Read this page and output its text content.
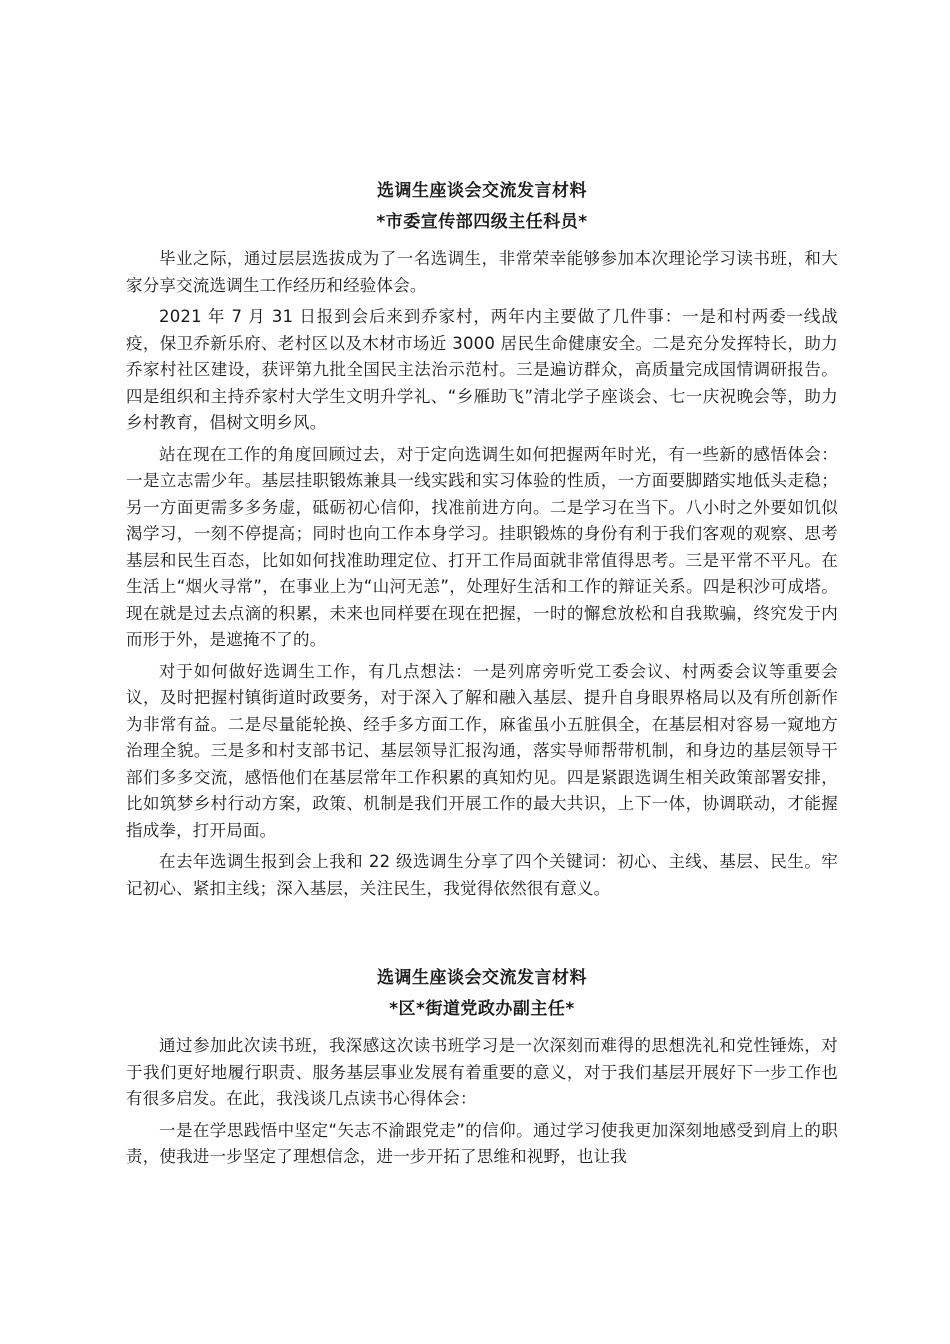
选调生座谈会交流发言材料
*市委宣传部四级主任科员*

毕业之际，通过层层选拔成为了一名选调生，非常荣幸能够参加本次理论学习读书班，和大家分享交流选调生工作经历和经验体会。

2021 年 7 月 31 日报到会后来到乔家村，两年内主要做了几件事：一是和村两委一线战疫，保卫乔新乐府、老村区以及木材市场近 3000 居民生命健康安全。二是充分发挥特长，助力乔家村社区建设，获评第九批全国民主法治示范村。三是遍访群众，高质量完成国情调研报告。四是组织和主持乔家村大学生文明升学礼、“乡雁助飞”清北学子座谈会、七一庆祝晚会等，助力乡村教育，倡树文明乡风。

站在现在工作的角度回顾过去，对于定向选调生如何把握两年时光，有一些新的感悟体会：一是立志需少年。基层挂职锻炼兼具一线实践和实习体验的性质，一方面要脚踏实地低头走稳；另一方面更需多多务虚，砥砺初心信仰，找准前进方向。二是学习在当下。八小时之外要如饥似渴学习，一刻不停提高；同时也向工作本身学习。挂职锻炼的身份有利于我们客观的观察、思考基层和民生百态，比如如何找准助理定位、打开工作局面就非常值得思考。三是平常不平凡。在生活上“烟火寻常”，在事业上为“山河无恙”，处理好生活和工作的辩证关系。四是积沙可成塔。现在就是过去点滴的积累，未来也同样要在现在把握，一时的懈怠放松和自我欺骗，终究发于内而形于外，是遮掩不了的。

对于如何做好选调生工作，有几点想法：一是列席旁听党工委会议、村两委会议等重要会议，及时把握村镇街道时政要务，对于深入了解和融入基层、提升自身眼界格局以及有所创新作为非常有益。二是尽量能轮换、经手多方面工作，麻雀虽小五脏俱全，在基层相对容易一窥地方治理全貌。三是多和村支部书记、基层领导汇报沟通，落实导师帮带机制，和身边的基层领导干部们多多交流，感悟他们在基层常年工作积累的真知灼见。四是紧跟选调生相关政策部署安排，比如筑梦乡村行动方案，政策、机制是我们开展工作的最大共识，上下一体，协调联动，才能握指成拳，打开局面。

在去年选调生报到会上我和 22 级选调生分享了四个关键词：初心、主线、基层、民生。牢记初心、紧扣主线；深入基层，关注民生，我觉得依然很有意义。

选调生座谈会交流发言材料
*区*街道党政办副主任*

通过参加此次读书班，我深感这次读书班学习是一次深刻而难得的思想洗礼和党性锤炼，对于我们更好地履行职责、服务基层事业发展有着重要的意义，对于我们基层开展好下一步工作也有很多启发。在此，我浅谈几点读书心得体会：

一是在学思践悟中坚定“矢志不渝跟党走”的信仰。通过学习使我更加深刻地感受到肩上的职责，使我进一步坚定了理想信念，进一步开拓了思维和视野，也让我
